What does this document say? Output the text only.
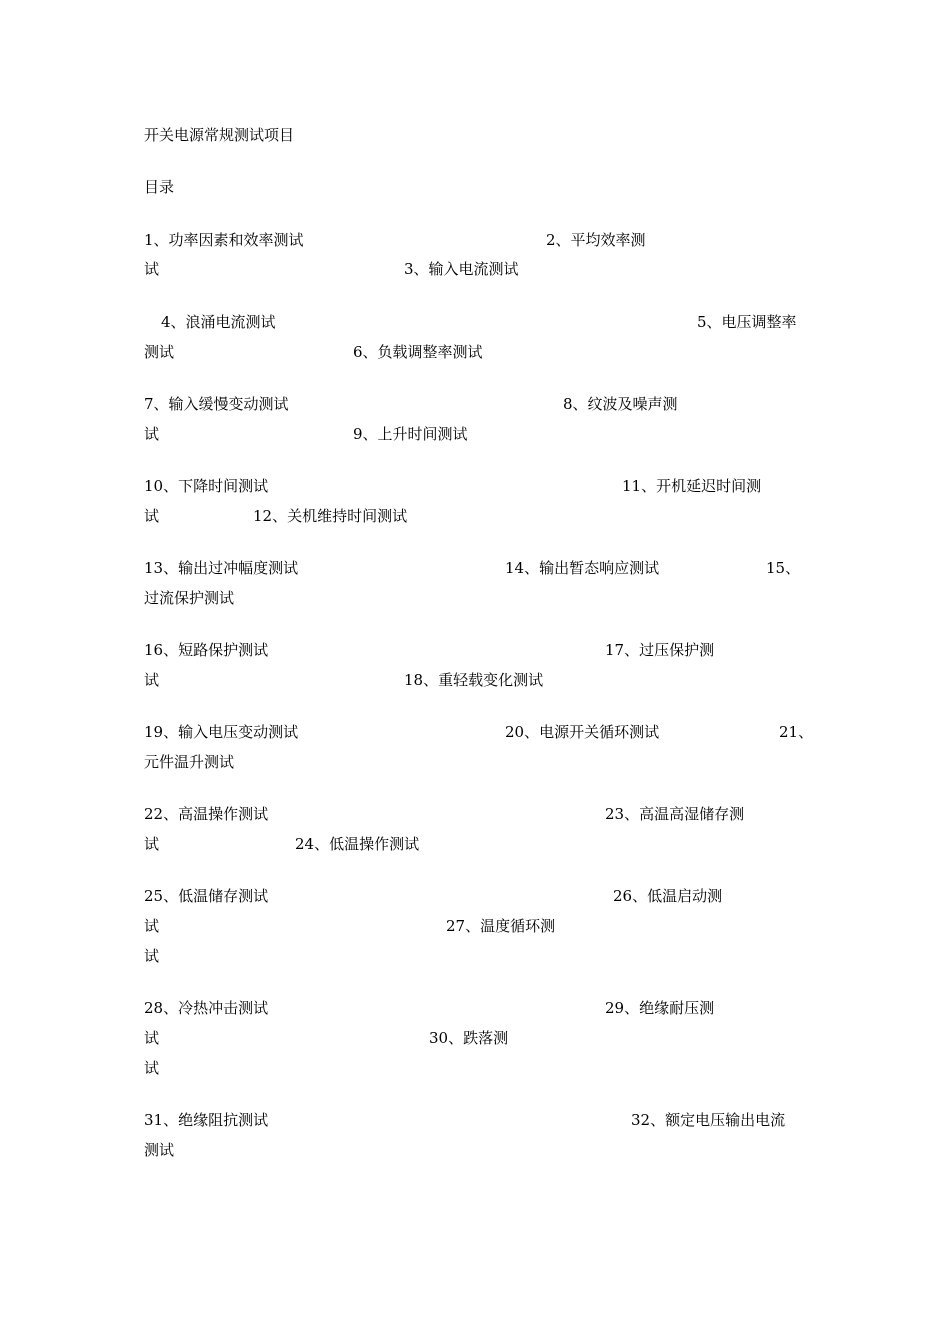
开关电源常规测试项目
目录
1、功率因素和效率测试	2、平均效率测
试	3、输入电流测试
4、浪涌电流测试	5、电压调整率
测试	6、负载调整率测试
7、输入缓慢变动测试	8、纹波及噪声测
试	9、上升时间测试
10、下降时间测试	11、开机延迟时间测
试	12、关机维持时间测试
13、输出过冲幅度测试	14、输出暂态响应测试	15、
过流保护测试
16、短路保护测试	17、过压保护测
试	18、重轻载变化测试
19、输入电压变动测试	20、电源开关循环测试	21、
元件温升测试
22、高温操作测试	23、高温高湿储存测
试	24、低温操作测试
25、低温储存测试	26、低温启动测
试	27、温度循环测
试
28、冷热冲击测试	29、绝缘耐压测
试	30、跌落测
试
31、绝缘阻抗测试	32、额定电压输出电流
测试
